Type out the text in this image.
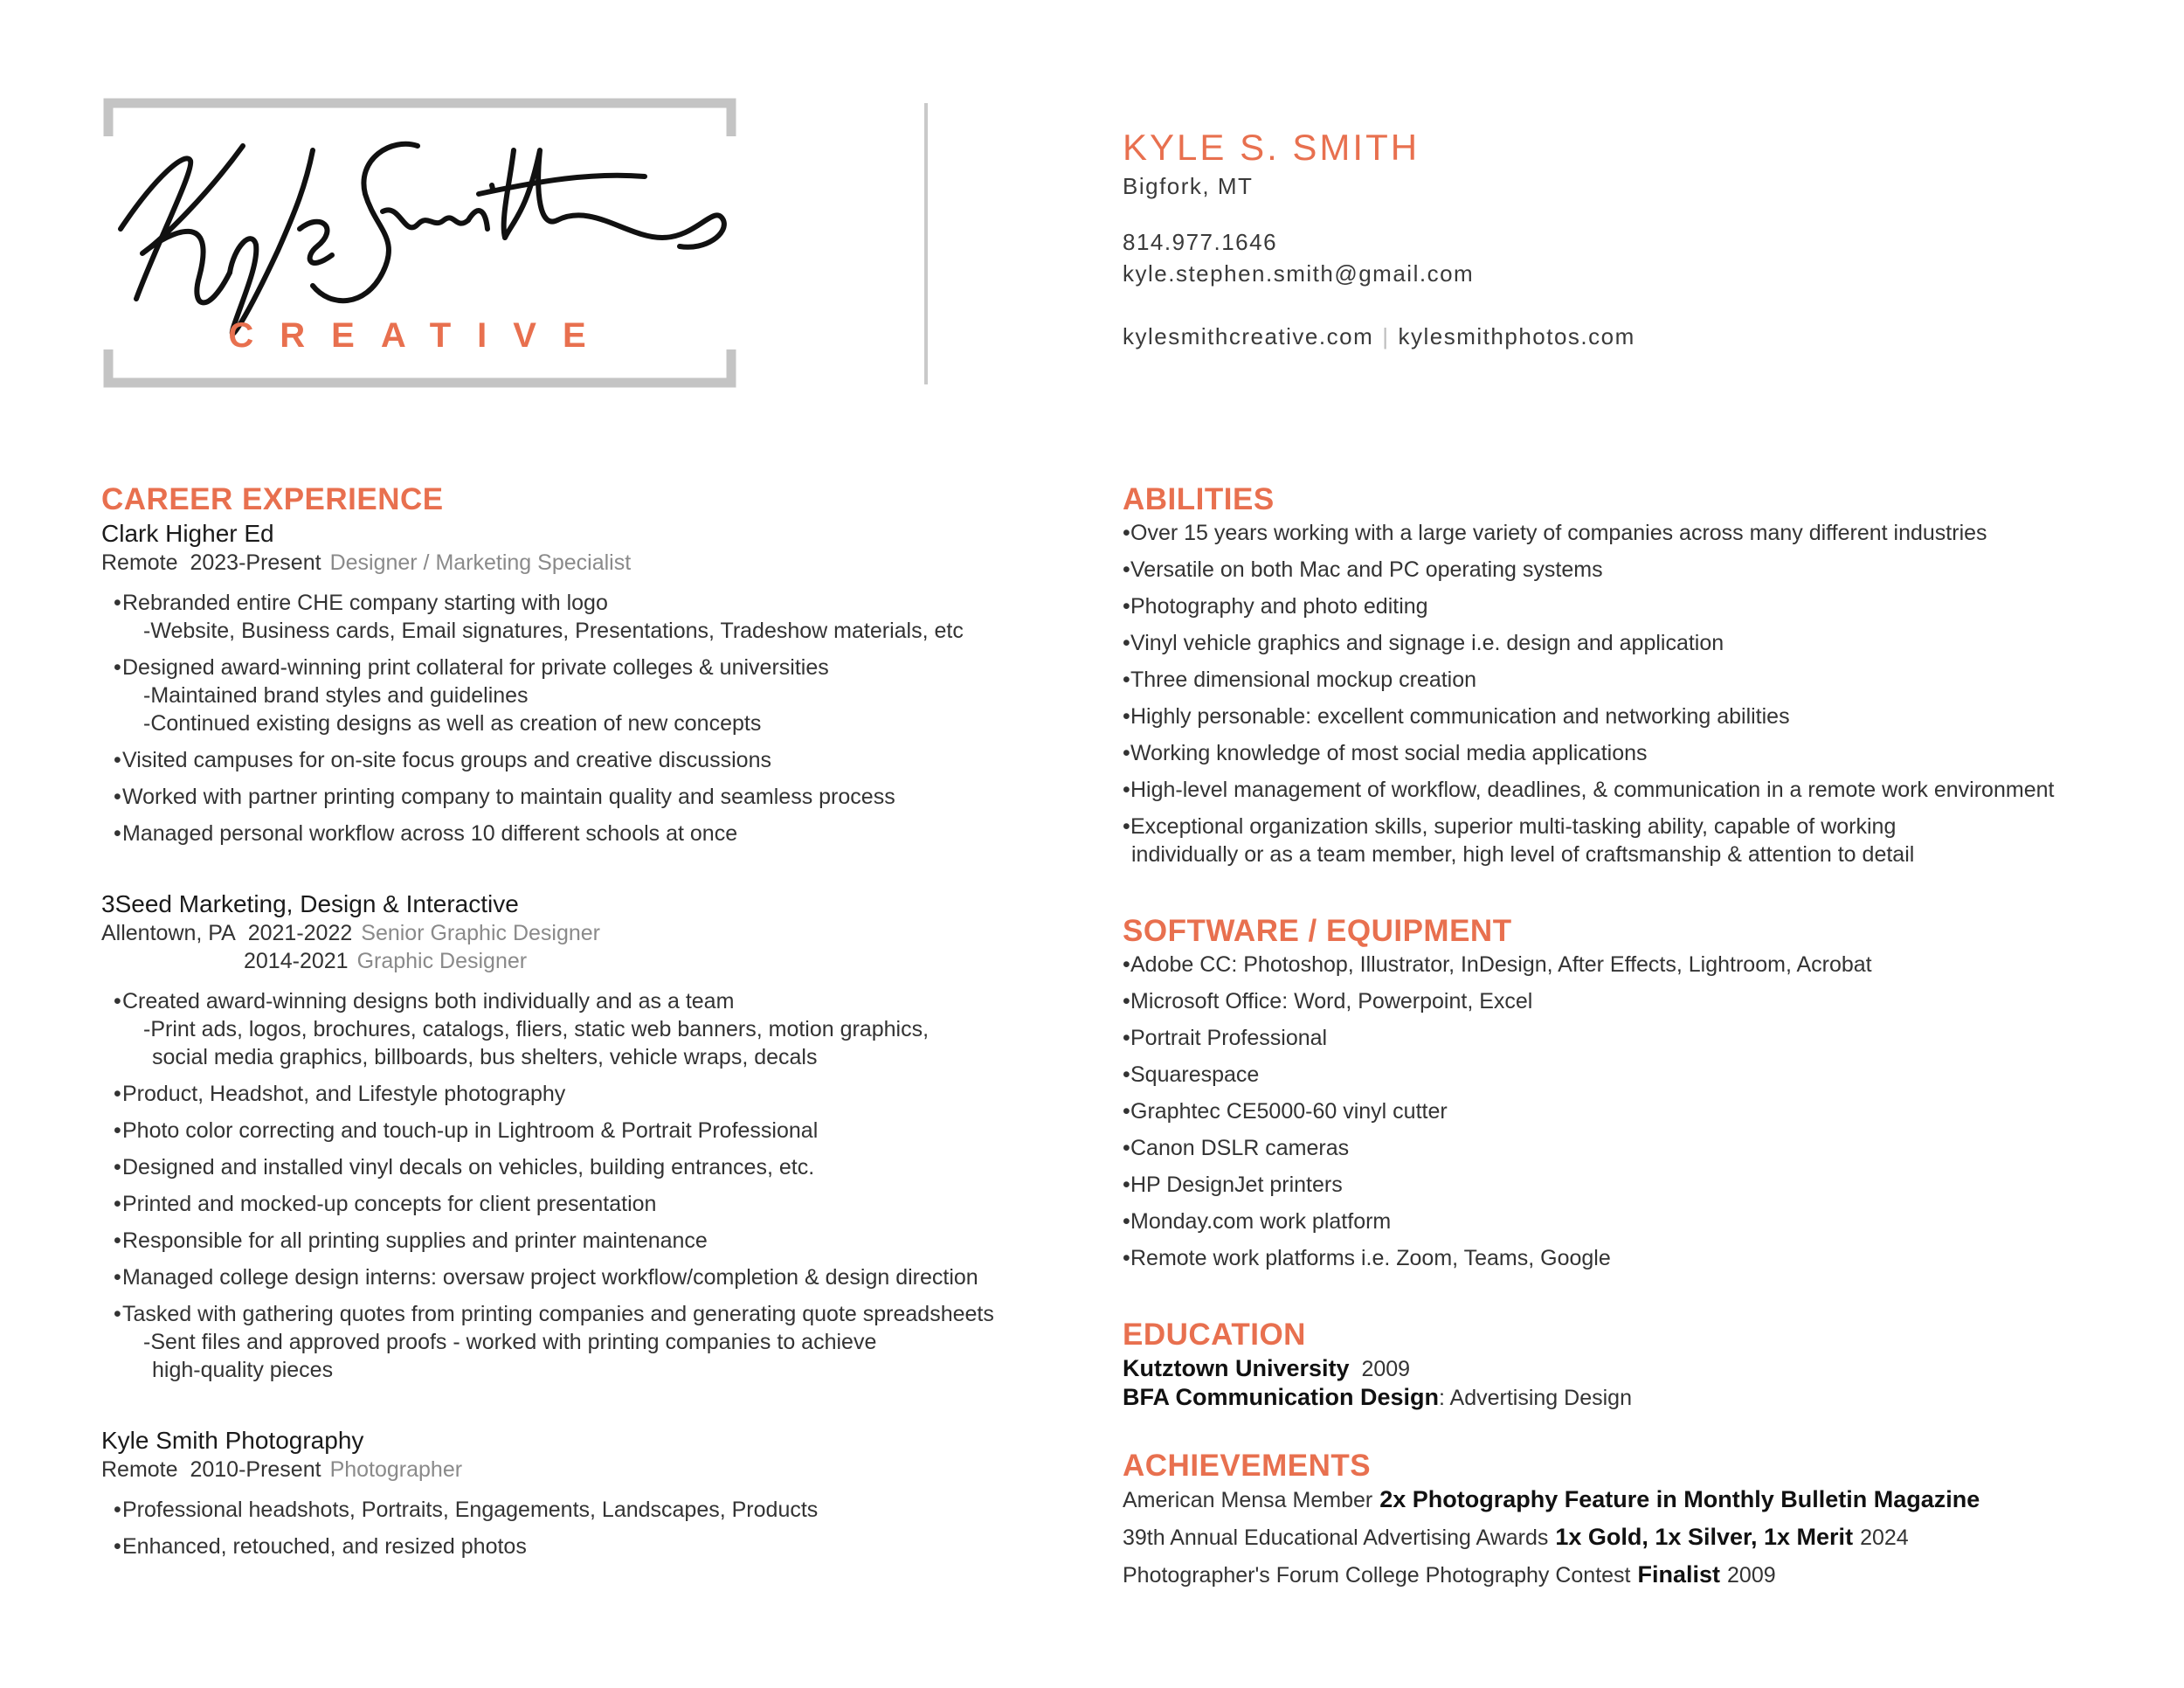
CREATIVE
KYLE S. SMITH
Bigfork, MT
814.977.1646
kyle.stephen.smith@gmail.com
kylesmithcreative.com | kylesmithphotos.com
CAREER EXPERIENCE
Clark Higher Ed
Remote 2023-Present Designer / Marketing Specialist
•Rebranded entire CHE company starting with logo
-Website, Business cards, Email signatures, Presentations, Tradeshow materials, etc
•Designed award-winning print collateral for private colleges & universities
-Maintained brand styles and guidelines
-Continued existing designs as well as creation of new concepts
•Visited campuses for on-site focus groups and creative discussions
•Worked with partner printing company to maintain quality and seamless process
•Managed personal workflow across 10 different schools at once
3Seed Marketing, Design & Interactive
Allentown, PA 2021-2022 Senior Graphic Designer
2014-2021 Graphic Designer
•Created award-winning designs both individually and as a team
-Print ads, logos, brochures, catalogs, fliers, static web banners, motion graphics,
social media graphics, billboards, bus shelters, vehicle wraps, decals
•Product, Headshot, and Lifestyle photography
•Photo color correcting and touch-up in Lightroom & Portrait Professional
•Designed and installed vinyl decals on vehicles, building entrances, etc.
•Printed and mocked-up concepts for client presentation
•Responsible for all printing supplies and printer maintenance
•Managed college design interns: oversaw project workflow/completion & design direction
•Tasked with gathering quotes from printing companies and generating quote spreadsheets
-Sent files and approved proofs - worked with printing companies to achieve
high-quality pieces
Kyle Smith Photography
Remote 2010-Present Photographer
•Professional headshots, Portraits, Engagements, Landscapes, Products
•Enhanced, retouched, and resized photos
ABILITIES
•Over 15 years working with a large variety of companies across many different industries
•Versatile on both Mac and PC operating systems
•Photography and photo editing
•Vinyl vehicle graphics and signage i.e. design and application
•Three dimensional mockup creation
•Highly personable: excellent communication and networking abilities
•Working knowledge of most social media applications
•High-level management of workflow, deadlines, & communication in a remote work environment
•Exceptional organization skills, superior multi-tasking ability, capable of working
individually or as a team member, high level of craftsmanship & attention to detail
SOFTWARE / EQUIPMENT
•Adobe CC: Photoshop, Illustrator, InDesign, After Effects, Lightroom, Acrobat
•Microsoft Office: Word, Powerpoint, Excel
•Portrait Professional
•Squarespace
•Graphtec CE5000-60 vinyl cutter
•Canon DSLR cameras
•HP DesignJet printers
•Monday.com work platform
•Remote work platforms i.e. Zoom, Teams, Google
EDUCATION
Kutztown University 2009
BFA Communication Design: Advertising Design
ACHIEVEMENTS
American Mensa Member 2x Photography Feature in Monthly Bulletin Magazine
39th Annual Educational Advertising Awards 1x Gold, 1x Silver, 1x Merit 2024
Photographer's Forum College Photography Contest Finalist 2009
